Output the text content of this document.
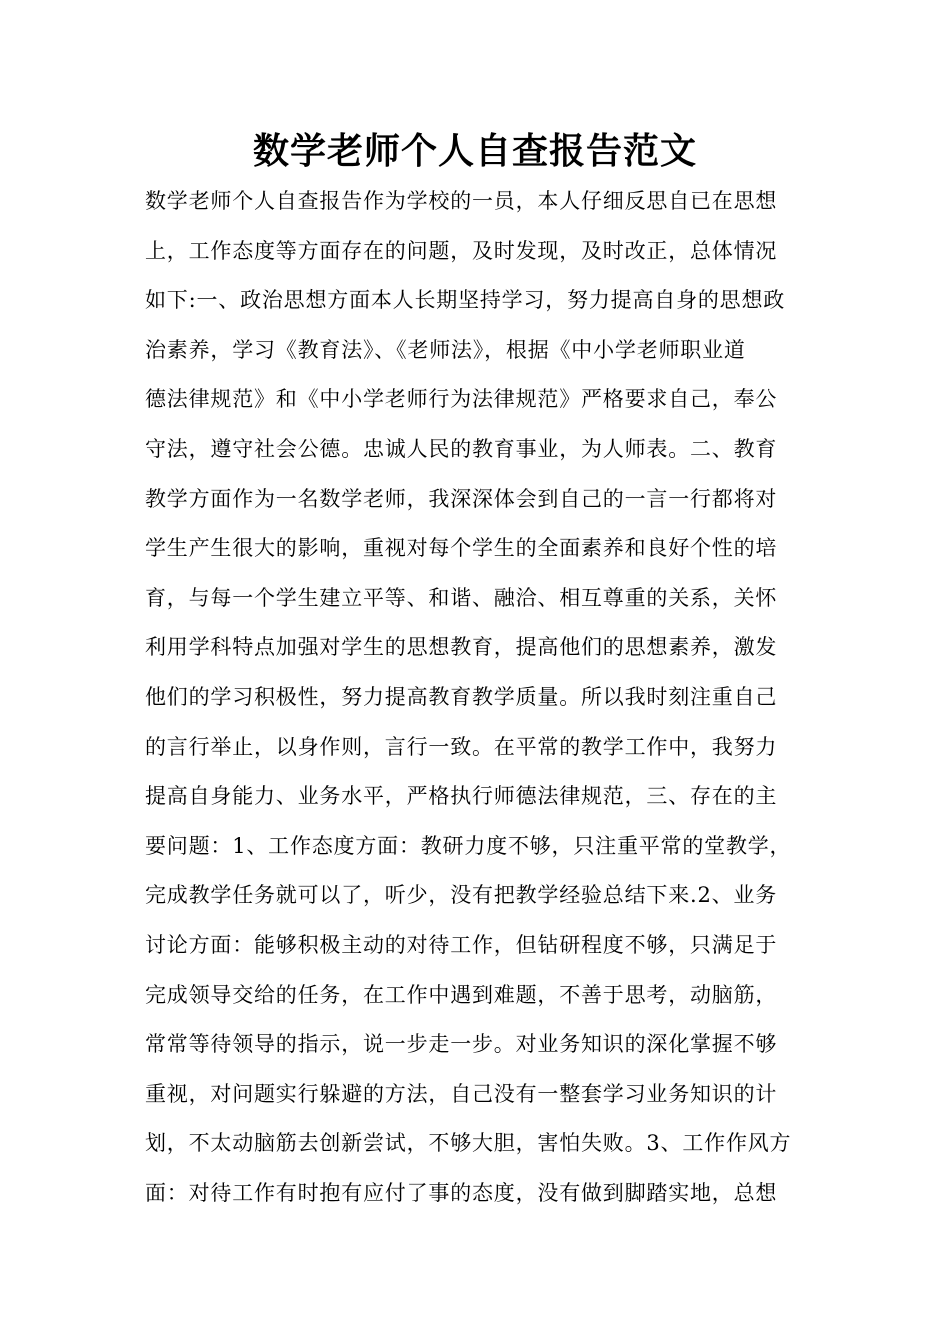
数学老师个人自查报告范文
数学老师个人自查报告作为学校的一员，本人仔细反思自已在思想
上，工作态度等方面存在的问题，及时发现，及时改正，总体情况
如下:一、政治思想方面本人长期坚持学习，努力提高自身的思想政
治素养，学习《教育法》、《老师法》，根据《中小学老师职业道
德法律规范》和《中小学老师行为法律规范》严格要求自己，奉公
守法，遵守社会公德。忠诚人民的教育事业，为人师表。二、教育
教学方面作为一名数学老师，我深深体会到自己的一言一行都将对
学生产生很大的影响，重视对每个学生的全面素养和良好个性的培
育，与每一个学生建立平等、和谐、融洽、相互尊重的关系，关怀
利用学科特点加强对学生的思想教育，提高他们的思想素养，激发
他们的学习积极性，努力提高教育教学质量。所以我时刻注重自己
的言行举止，以身作则，言行一致。在平常的教学工作中，我努力
提高自身能力、业务水平，严格执行师德法律规范，三、存在的主
要问题：1、工作态度方面：教研力度不够，只注重平常的堂教学，
完成教学任务就可以了，听少，没有把教学经验总结下来.2、业务
讨论方面：能够积极主动的对待工作，但钻研程度不够，只满足于
完成领导交给的任务，在工作中遇到难题，不善于思考，动脑筋，
常常等待领导的指示，说一步走一步。对业务知识的深化掌握不够
重视，对问题实行躲避的方法，自己没有一整套学习业务知识的计
划，不太动脑筋去创新尝试，不够大胆，害怕失败。3、工作作风方
面：对待工作有时抱有应付了事的态度，没有做到脚踏实地，总想
